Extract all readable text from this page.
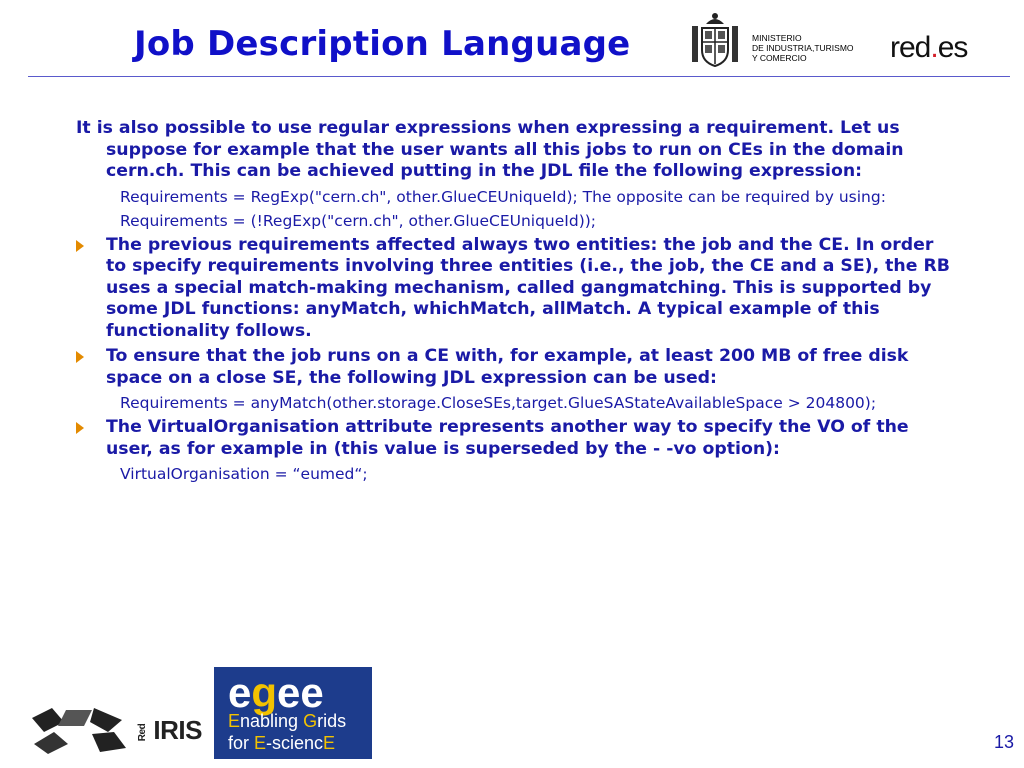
Job Description Language	MINISTERIO
DE INDUSTRIA,TURISMO
Y COMERCIO	red.es

It is also possible to use regular expressions when expressing a requirement. Let us suppose for example that the user wants all this jobs to run on CEs in the domain cern.ch. This can be achieved putting in the JDL file the following expression:

Requirements = RegExp("cern.ch", other.GlueCEUniqueId); The opposite can be required by using:
Requirements = (!RegExp("cern.ch", other.GlueCEUniqueId));
The previous requirements affected always two entities: the job and the CE. In order to specify requirements involving three entities (i.e., the job, the CE and a SE), the RB uses a special match-making mechanism, called gangmatching. This is supported by some JDL functions: anyMatch, whichMatch, allMatch. A typical example of this functionality follows.
To ensure that the job runs on a CE with, for example, at least 200 MB of free disk space on a close SE, the following JDL expression can be used:
Requirements = anyMatch(other.storage.CloseSEs,target.GlueSAStateAvailableSpace > 204800);
The VirtualOrganisation attribute represents another way to specify the VO of the user, as for example in (this value is superseded by the - -vo option):
VirtualOrganisation = “eumed“;
Red IRIS
egee
Enabling Grids
for E-sciencE	13
